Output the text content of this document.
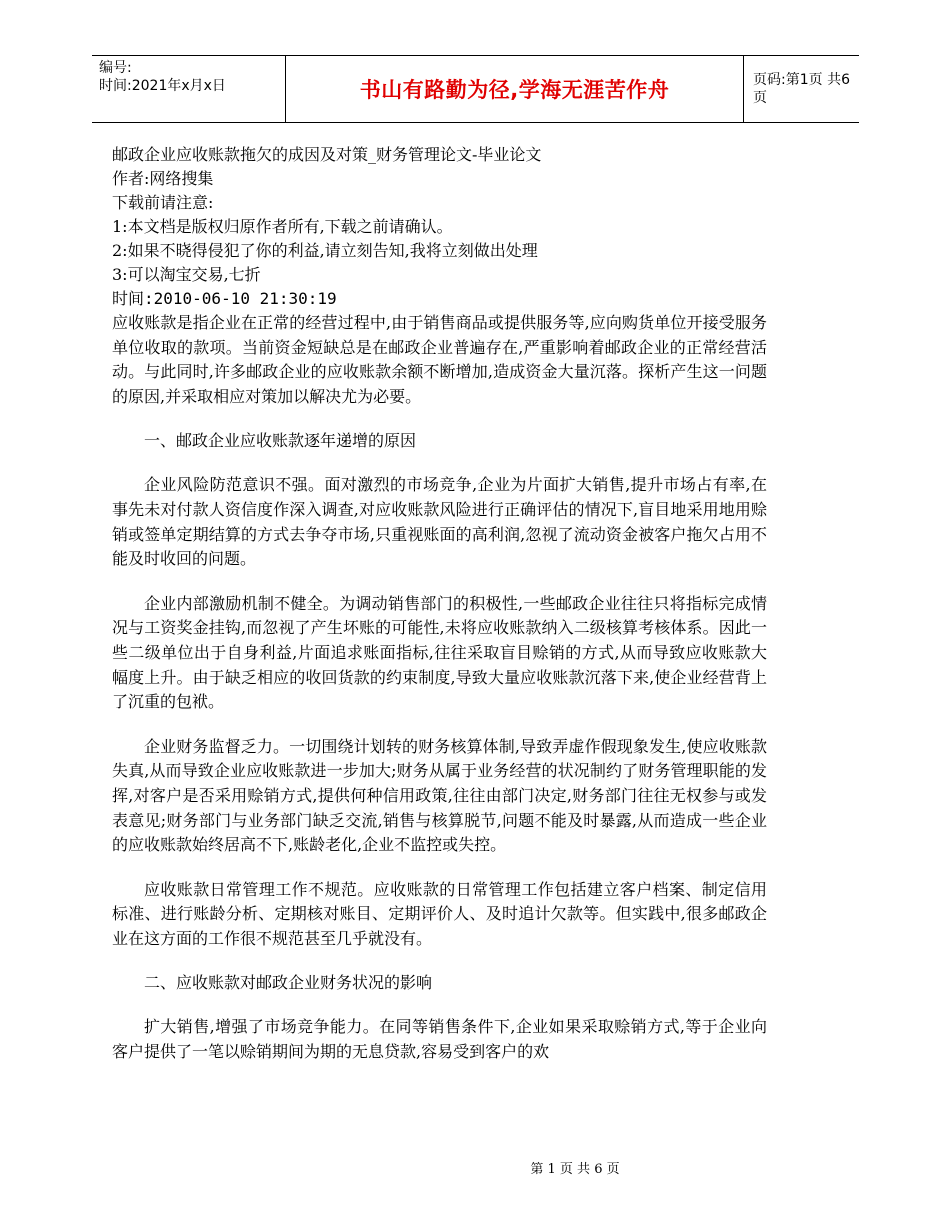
编号:
时间:2021年x月x日	书山有路勤为径,学海无涯苦作舟	页码:第1页 共6页
邮政企业应收账款拖欠的成因及对策_财务管理论文-毕业论文
作者:网络搜集
下载前请注意:
1:本文档是版权归原作者所有,下载之前请确认。
2:如果不晓得侵犯了你的利益,请立刻告知,我将立刻做出处理
3:可以淘宝交易,七折
时间:2010-06-10 21:30:19

应收账款是指企业在正常的经营过程中,由于销售商品或提供服务等,应向购货单位开接受服务单位收取的款项。当前资金短缺总是在邮政企业普遍存在,严重影响着邮政企业的正常经营活动。与此同时,许多邮政企业的应收账款余额不断增加,造成资金大量沉落。探析产生这一问题的原因,并采取相应对策加以解决尤为必要。

一、邮政企业应收账款逐年递增的原因

企业风险防范意识不强。面对激烈的市场竞争,企业为片面扩大销售,提升市场占有率,在事先未对付款人资信度作深入调查,对应收账款风险进行正确评估的情况下,盲目地采用地用赊销或签单定期结算的方式去争夺市场,只重视账面的高利润,忽视了流动资金被客户拖欠占用不能及时收回的问题。

企业内部激励机制不健全。为调动销售部门的积极性,一些邮政企业往往只将指标完成情况与工资奖金挂钩,而忽视了产生坏账的可能性,未将应收账款纳入二级核算考核体系。因此一些二级单位出于自身利益,片面追求账面指标,往往采取盲目赊销的方式,从而导致应收账款大幅度上升。由于缺乏相应的收回货款的约束制度,导致大量应收账款沉落下来,使企业经营背上了沉重的包袱。

企业财务监督乏力。一切围绕计划转的财务核算体制,导致弄虚作假现象发生,使应收账款失真,从而导致企业应收账款进一步加大;财务从属于业务经营的状况制约了财务管理职能的发挥,对客户是否采用赊销方式,提供何种信用政策,往往由部门决定,财务部门往往无权参与或发表意见;财务部门与业务部门缺乏交流,销售与核算脱节,问题不能及时暴露,从而造成一些企业的应收账款始终居高不下,账龄老化,企业不监控或失控。

应收账款日常管理工作不规范。应收账款的日常管理工作包括建立客户档案、制定信用标准、进行账龄分析、定期核对账目、定期评价人、及时追计欠款等。但实践中,很多邮政企业在这方面的工作很不规范甚至几乎就没有。

二、应收账款对邮政企业财务状况的影响

扩大销售,增强了市场竞争能力。在同等销售条件下,企业如果采取赊销方式,等于企业向客户提供了一笔以赊销期间为期的无息贷款,容易受到客户的欢

第 1 页 共 6 页
